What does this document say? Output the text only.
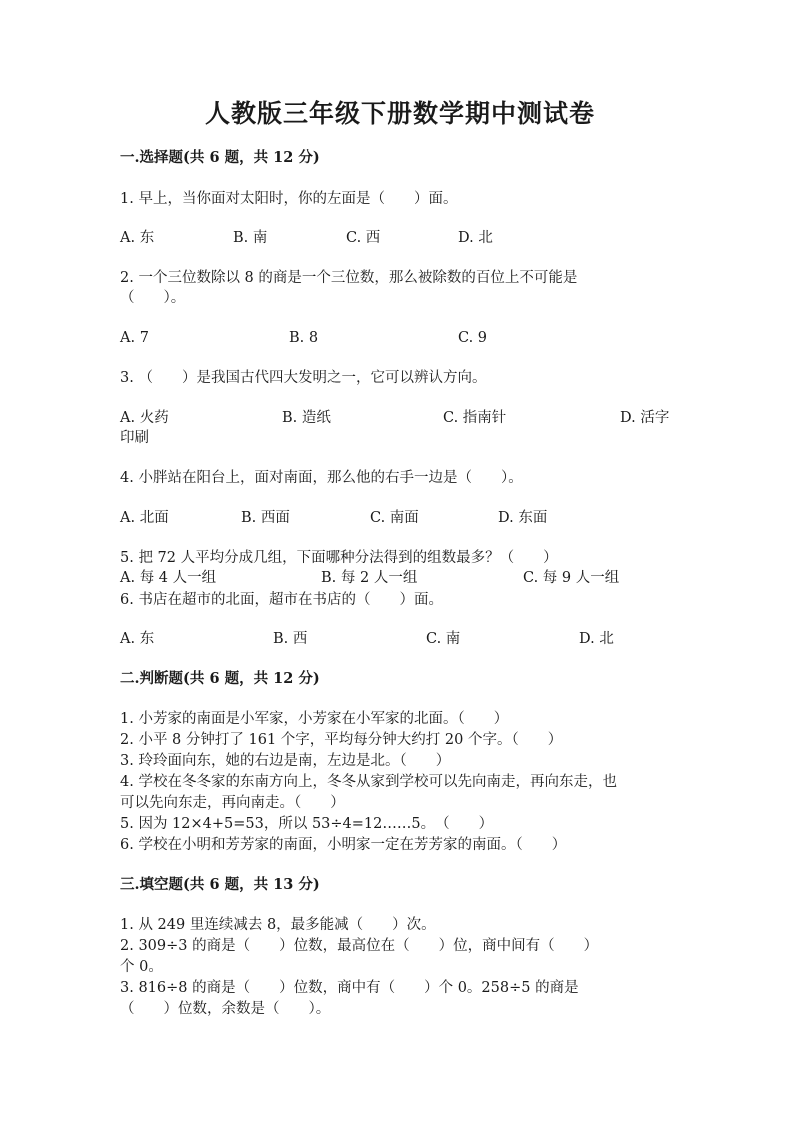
人教版三年级下册数学期中测试卷
一.选择题(共 6 题，共 12 分)
1. 早上，当你面对太阳时，你的左面是（　　）面。
A. 东	B. 南	C. 西	D. 北
2. 一个三位数除以 8 的商是一个三位数，那么被除数的百位上不可能是
（　　）。
A. 7	B. 8	C. 9
3. （　　）是我国古代四大发明之一，它可以辨认方向。
A. 火药	B. 造纸	C. 指南针	D. 活字
印刷
4. 小胖站在阳台上，面对南面，那么他的右手一边是（　　）。
A. 北面	B. 西面	C. 南面	D. 东面
5. 把 72 人平均分成几组，下面哪种分法得到的组数最多？（　　）
A. 每 4 人一组	B. 每 2 人一组	C. 每 9 人一组
6. 书店在超市的北面，超市在书店的（　　）面。
A. 东	B. 西	C. 南	D. 北
二.判断题(共 6 题，共 12 分)
1. 小芳家的南面是小军家，小芳家在小军家的北面。（　　）
2. 小平 8 分钟打了 161 个字，平均每分钟大约打 20 个字。（　　）
3. 玲玲面向东，她的右边是南，左边是北。（　　）
4. 学校在冬冬家的东南方向上，冬冬从家到学校可以先向南走，再向东走，也
可以先向东走，再向南走。（　　）
5. 因为 12×4+5=53，所以 53÷4=12……5。　（　　）
6. 学校在小明和芳芳家的南面，小明家一定在芳芳家的南面。（　　）
三.填空题(共 6 题，共 13 分)
1. 从 249 里连续减去 8，最多能减（　　）次。
2. 309÷3 的商是（　　）位数，最高位在（　　）位，商中间有（　　）
个 0。
3. 816÷8 的商是（　　）位数，商中有（　　）个 0。258÷5 的商是
（　　）位数，余数是（　　）。
